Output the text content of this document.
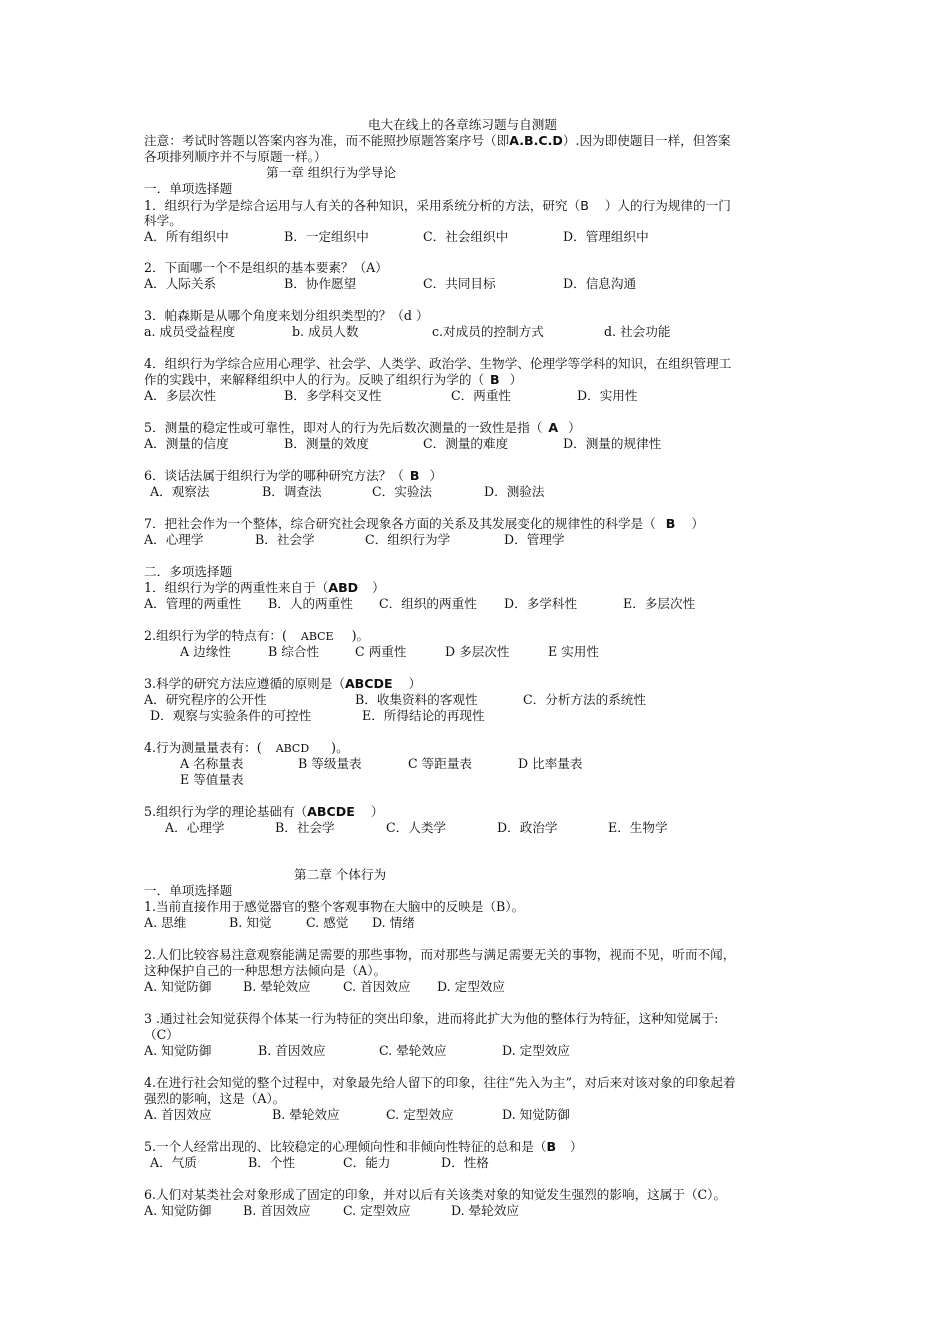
电大在线上的各章练习题与自测题
注意：考试时答题以答案内容为准，而不能照抄原题答案序号（即A.B.C.D）.因为即使题目一样，但答案
各项排列顺序并不与原题一样。）
第一章 组织行为学导论
一．单项选择题
1．组织行为学是综合运用与人有关的各种知识，采用系统分析的方法，研究（B ）人的行为规律的一门
科学。
A．所有组织中	B．一定组织中	C．社会组织中	D．管理组织中
2．下面哪一个不是组织的基本要素？（A）
A．人际关系	B．协作愿望	C．共同目标	D．信息沟通
3．帕森斯是从哪个角度来划分组织类型的？（d ）
a. 成员受益程度	b. 成员人数	c.对成员的控制方式	d. 社会功能
4．组织行为学综合应用心理学、社会学、人类学、政治学、生物学、伦理学等学科的知识，在组织管理工
作的实践中，来解释组织中人的行为。反映了组织行为学的（ B ）
A．多层次性	B．多学科交叉性	C．两重性	D．实用性
5．测量的稳定性或可靠性，即对人的行为先后数次测量的一致性是指（ A ）
A．测量的信度	B．测量的效度	C．测量的难度	D．测量的规律性
6．谈话法属于组织行为学的哪种研究方法？（ B ）
A．观察法	B．调查法	C．实验法	D．测验法
7．把社会作为一个整体，综合研究社会现象各方面的关系及其发展变化的规律性的科学是（ B ）
A．心理学	B．社会学	C．组织行为学	D．管理学
二．多项选择题
1．组织行为学的两重性来自于（ABD ）
A．管理的两重性 B．人的两重性 C．组织的两重性 D．多学科性	E．多层次性
2.组织行为学的特点有：( ABCE )。
A 边缘性	B 综合性	C 两重性	D 多层次性	E 实用性
3.科学的研究方法应遵循的原则是（ABCDE ）
A．研究程序的公开性	B．收集资料的客观性	C．分析方法的系统性
D．观察与实验条件的可控性	E．所得结论的再现性
4.行为测量量表有：( ABCD )。
A 名称量表	B 等级量表	C 等距量表	D 比率量表
E 等值量表
5.组织行为学的理论基础有（ABCDE ）
A．心理学	B．社会学	C．人类学	D．政治学	E．生物学
第二章 个体行为
一．单项选择题
1.当前直接作用于感觉器官的整个客观事物在大脑中的反映是（B）。
A. 思维	B. 知觉	C. 感觉 D. 情绪
2.人们比较容易注意观察能满足需要的那些事物，而对那些与满足需要无关的事物，视而不见，听而不闻，
这种保护自己的一种思想方法倾向是（A）。
A. 知觉防御	B. 晕轮效应	C. 首因效应 D. 定型效应
3 .通过社会知觉获得个体某一行为特征的突出印象，进而将此扩大为他的整体行为特征，这种知觉属于:
（C）
A. 知觉防御	B. 首因效应	C. 晕轮效应	D. 定型效应
4.在进行社会知觉的整个过程中，对象最先给人留下的印象，往往“先入为主”，对后来对该对象的印象起着
强烈的影响，这是（A）。
A. 首因效应	B. 晕轮效应	C. 定型效应	D. 知觉防御
5.一个人经常出现的、比较稳定的心理倾向性和非倾向性特征的总和是（B ）
A．气质	B．个性	C．能力	D．性格
6.人们对某类社会对象形成了固定的印象，并对以后有关该类对象的知觉发生强烈的影响，这属于（C）。
A. 知觉防御	B. 首因效应	C. 定型效应	D. 晕轮效应
